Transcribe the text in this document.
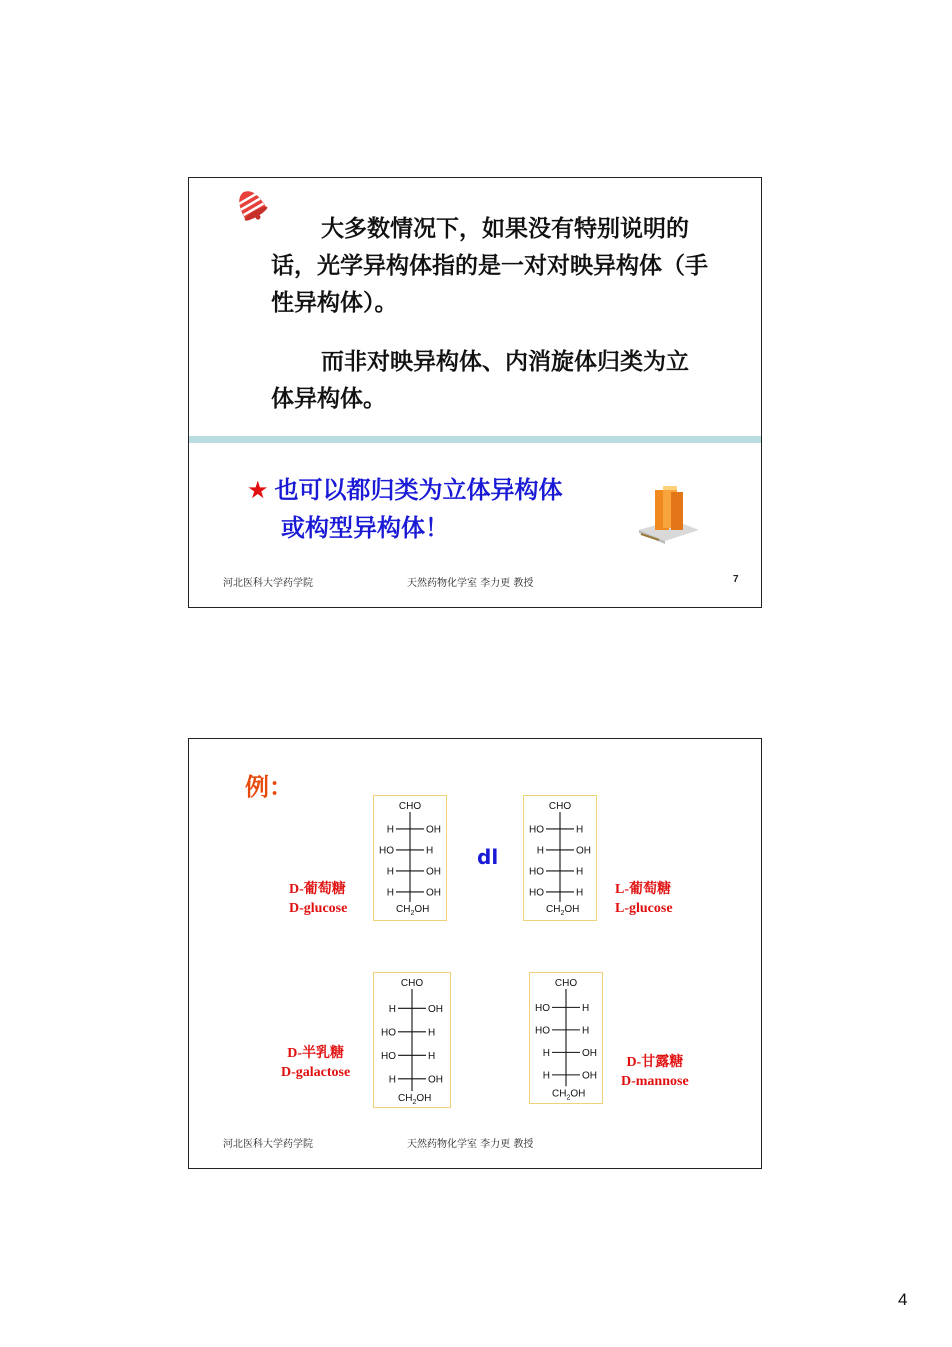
大多数情况下，如果没有特别说明的话，光学异构体指的是一对对映异构体（手性异构体）。

而非对映异构体、内消旋体归类为立体异构体。

★ 也可以都归类为立体异构体
或构型异构体！
河北医科大学药学院	天然药物化学室 李力更 教授	7
例：
CHO
H	OH
HO	H
H	OH
H	OH
$CH_2OH$
CHO
HO	H
H	OH
HO	H
HO	H
$CH_2OH$
CHO
H	OH
HO	H
HO	H
H	OH
$CH_2OH$
CHO
HO	H
HO	H
H	OH
H	OH
$CH_2OH$
dl
D-葡萄糖
D-glucose
L-葡萄糖
L-glucose
D-半乳糖
D-galactose
D-甘露糖
D-mannose
河北医科大学药学院	天然药物化学室 李力更 教授
4
